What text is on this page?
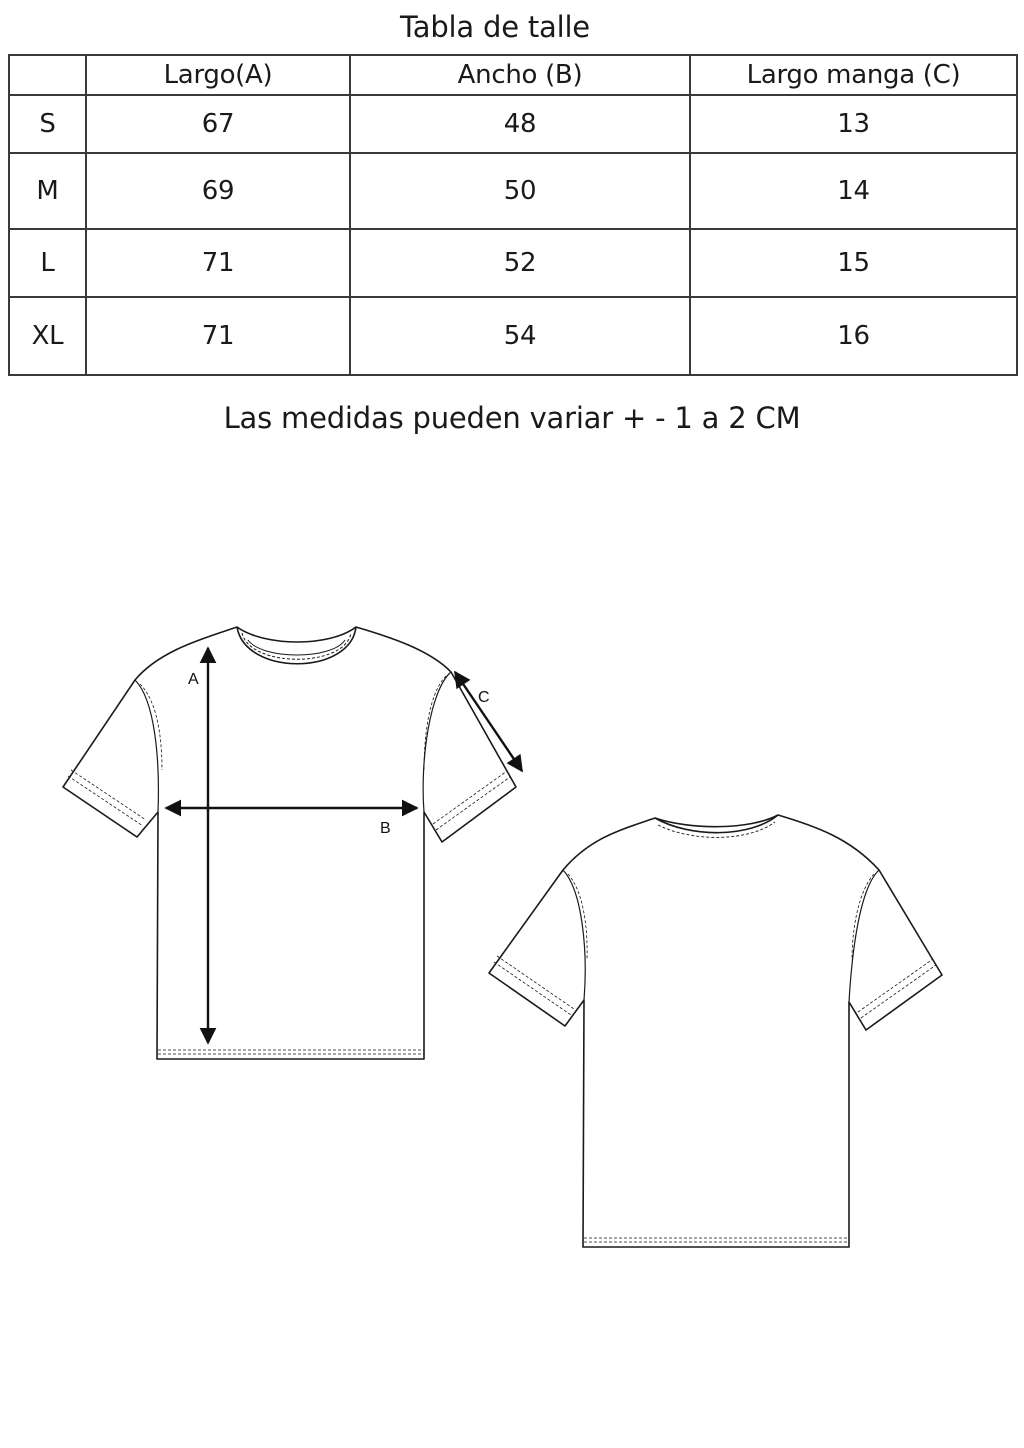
Tabla de talle
	Largo(A)	Ancho (B)	Largo manga (C)
S	67	48	13
M	69	50	14
L	71	52	15
XL	71	54	16
Las medidas pueden variar + - 1 a 2 CM
A
B
C
